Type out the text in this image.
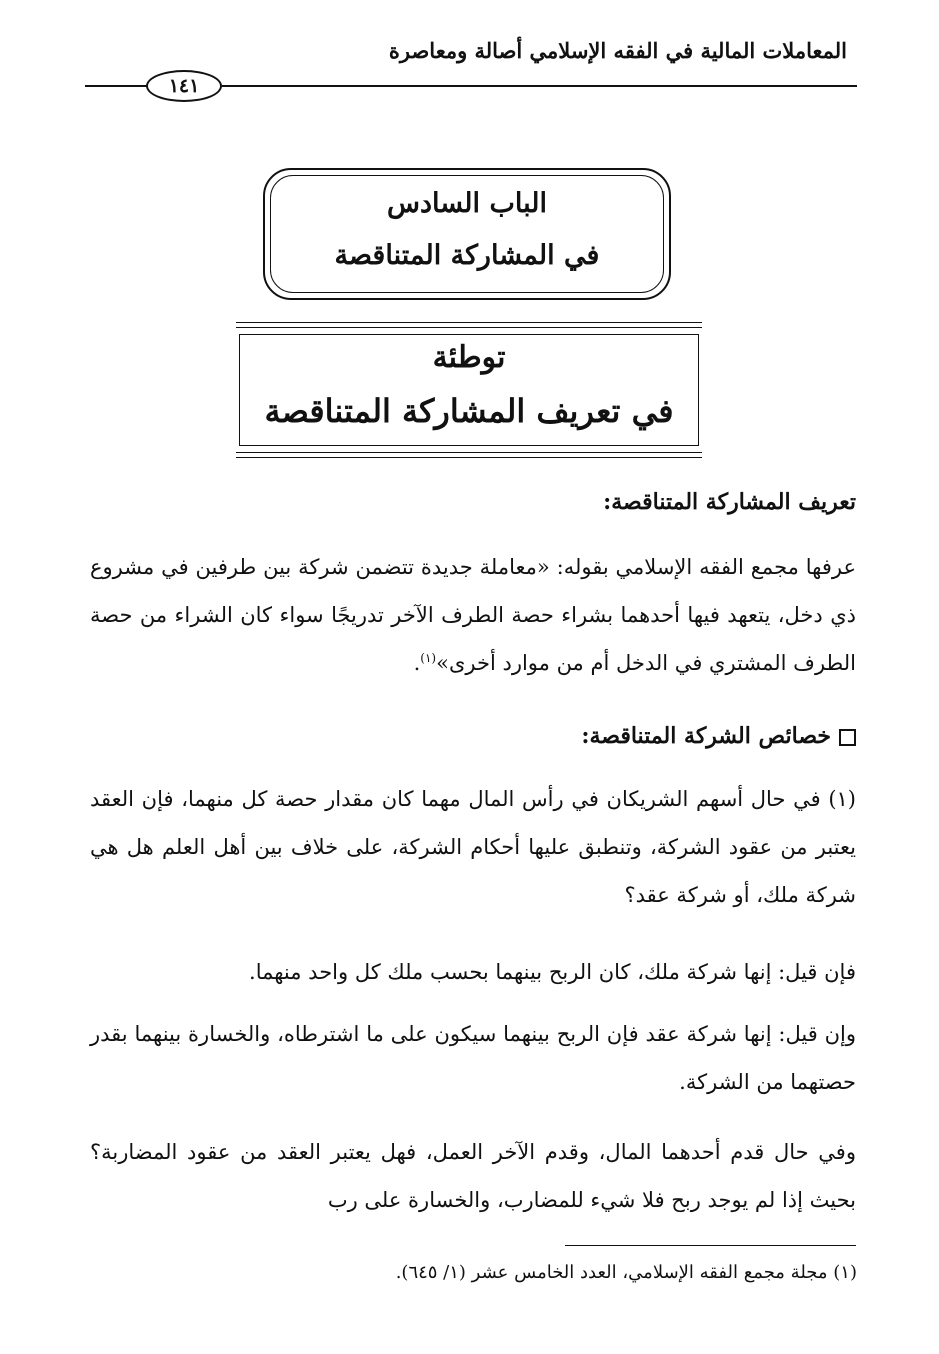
المعاملات المالية في الفقه الإسلامي أصالة ومعاصرة
١٤١
الباب السادس
في المشاركة المتناقصة
توطئة
في تعريف المشاركة المتناقصة
تعريف المشاركة المتناقصة:
عرفها مجمع الفقه الإسلامي بقوله: «معاملة جديدة تتضمن شركة بين طرفين في مشروع ذي دخل، يتعهد فيها أحدهما بشراء حصة الطرف الآخر تدريجًا سواء كان الشراء من حصة الطرف المشتري في الدخل أم من موارد أخرى»$^{(١)}$.
خصائص الشركة المتناقصة:
(١) في حال أسهم الشريكان في رأس المال مهما كان مقدار حصة كل منهما، فإن العقد يعتبر من عقود الشركة، وتنطبق عليها أحكام الشركة، على خلاف بين أهل العلم هل هي شركة ملك، أو شركة عقد؟
فإن قيل: إنها شركة ملك، كان الربح بينهما بحسب ملك كل واحد منهما.
وإن قيل: إنها شركة عقد فإن الربح بينهما سيكون على ما اشترطاه، والخسارة بينهما بقدر حصتهما من الشركة.
وفي حال قدم أحدهما المال، وقدم الآخر العمل، فهل يعتبر العقد من عقود المضاربة؟ بحيث إذا لم يوجد ربح فلا شيء للمضارب، والخسارة على رب
(١) مجلة مجمع الفقه الإسلامي، العدد الخامس عشر (١/ ٦٤٥).
